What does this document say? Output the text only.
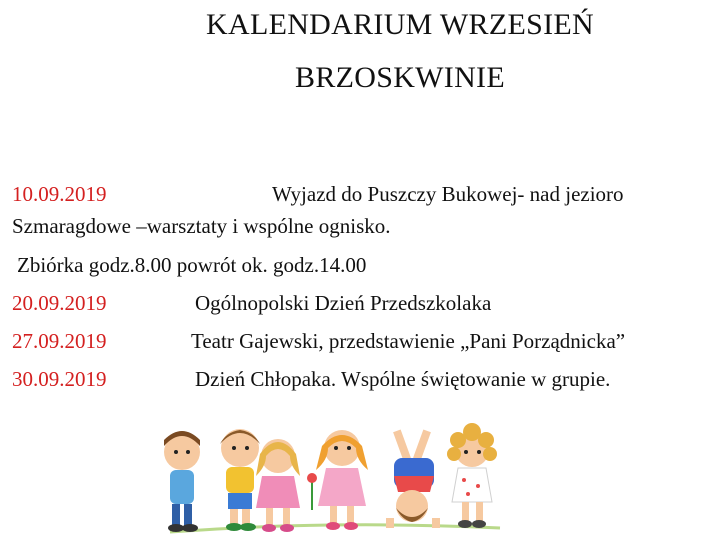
KALENDARIUM WRZESIEŃ
BRZOSKWINIE
10.09.2019	Wyjazd do Puszczy Bukowej- nad jezioro
Szmaragdowe –warsztaty i wspólne ognisko.
Zbiórka godz.8.00 powrót ok. godz.14.00
20.09.2019	Ogólnopolski Dzień Przedszkolaka
27.09.2019	Teatr Gajewski, przedstawienie „Pani Porządnicka”
30.09.2019	Dzień Chłopaka. Wspólne świętowanie w grupie.
